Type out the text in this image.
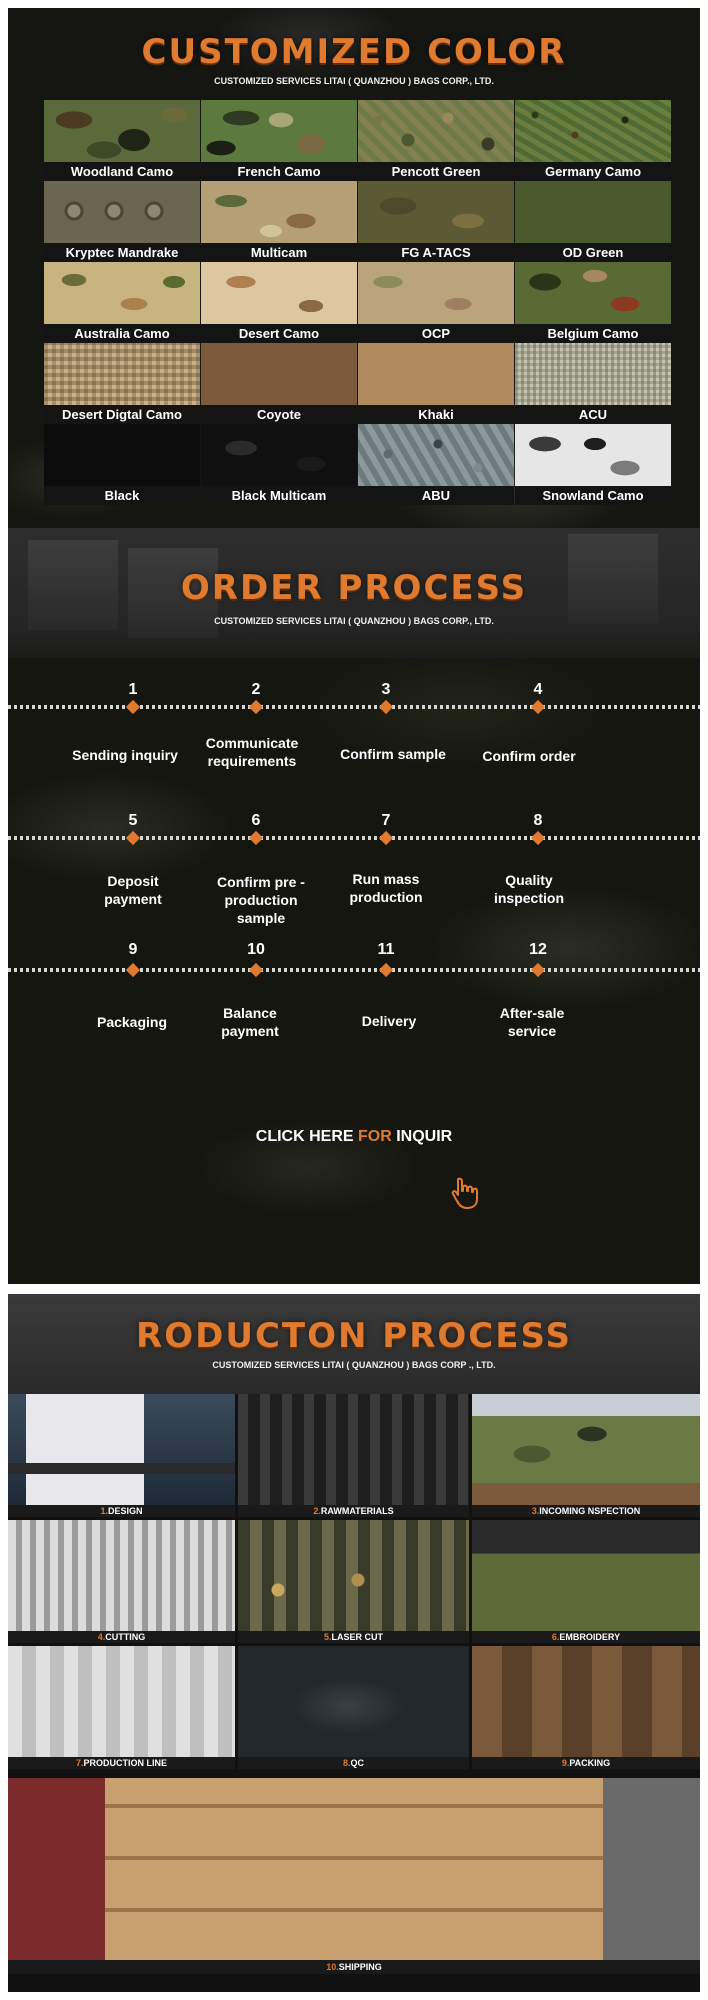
CUSTOMIZED COLOR
CUSTOMIZED SERVICES LITAI ( QUANZHOU ) BAGS CORP., LTD.
Woodland Camo	French Camo	Pencott Green	Germany Camo
Kryptec Mandrake	Multicam	FG A-TACS	OD Green
Australia Camo	Desert Camo	OCP	Belgium Camo
Desert Digtal Camo	Coyote	Khaki	ACU
Black	Black Multicam	ABU	Snowland Camo
ORDER PROCESS
CUSTOMIZED SERVICES LITAI ( QUANZHOU ) BAGS CORP., LTD.
1
Sending inquiry
2
Communicate requirements
3
Confirm sample
4
Confirm order
5
Deposit payment
6
Confirm pre - production sample
7
Run mass production
8
Quality inspection
9
Packaging
10
Balance payment
11
Delivery
12
After-sale service
CLICK HERE FOR INQUIR
RODUCTON PROCESS
CUSTOMIZED SERVICES LITAI ( QUANZHOU ) BAGS CORP ., LTD.
1.DESIGN	2.RAWMATERIALS	3.INCOMING NSPECTION
4.CUTTING	5.LASER CUT	6.EMBROIDERY
7.PRODUCTION LINE	8.QC	9.PACKING
10.SHIPPING
